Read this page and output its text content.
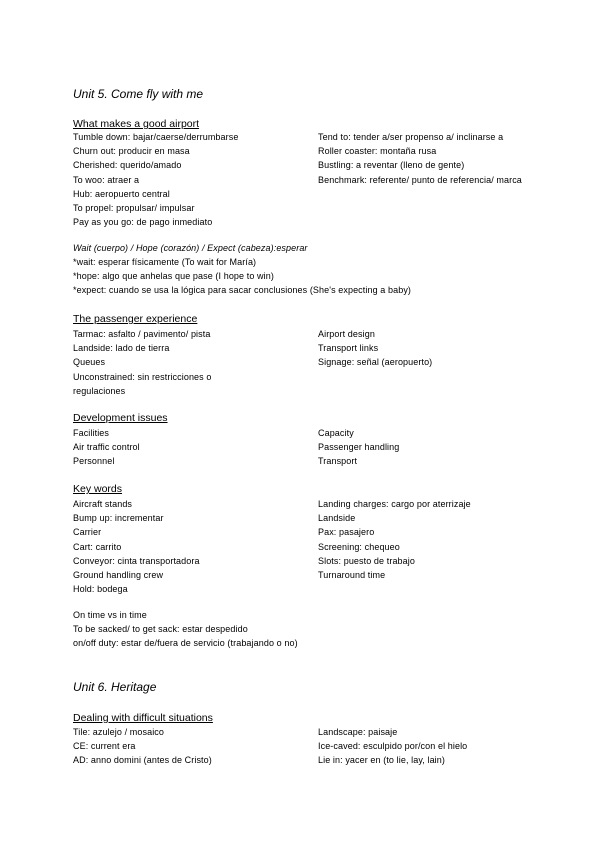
Unit 5. Come fly with me
What makes a good airport
Tumble down: bajar/caerse/derrumbarse
Churn out: producir en masa
Cherished: querido/amado
To woo: atraer a
Hub: aeropuerto central
To propel: propulsar/ impulsar
Pay as you go: de pago inmediato
Tend to: tender a/ser propenso a/ inclinarse a
Roller coaster: montaña rusa
Bustling: a reventar (lleno de gente)
Benchmark: referente/ punto de referencia/ marca
Wait (cuerpo) / Hope (corazón) / Expect (cabeza):esperar
*wait: esperar físicamente (To wait for María)
*hope: algo que anhelas que pase (I hope to win)
*expect: cuando se usa la lógica para sacar conclusiones (She's expecting a baby)
The passenger experience
Tarmac: asfalto / pavimento/ pista
Landside: lado de tierra
Queues
Unconstrained: sin restricciones o
regulaciones
Airport design
Transport links
Signage: señal (aeropuerto)
Development issues
Facilities
Air traffic control
Personnel
Capacity
Passenger handling
Transport
Key words
Aircraft stands
Bump up: incrementar
Carrier
Cart: carrito
Conveyor: cinta transportadora
Ground handling crew
Hold: bodega
Landing charges: cargo por aterrizaje
Landside
Pax: pasajero
Screening: chequeo
Slots: puesto de trabajo
Turnaround time
On time vs in time
To be sacked/ to get sack: estar despedido
on/off duty: estar de/fuera de servicio (trabajando o no)
Unit 6. Heritage
Dealing with difficult situations
Tile: azulejo / mosaico
CE: current era
AD: anno domini (antes de Cristo)
Landscape: paisaje
Ice-caved: esculpido por/con el hielo
Lie in: yacer en (to lie, lay, lain)
